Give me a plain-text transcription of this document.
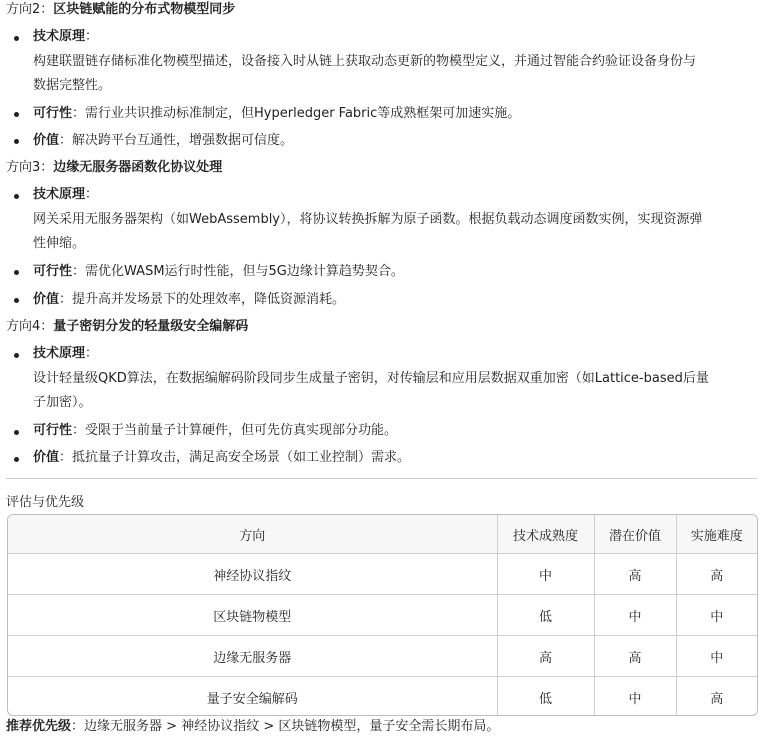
方向2：区块链赋能的分布式物模型同步
技术原理：
构建联盟链存储标准化物模型描述，设备接入时从链上获取动态更新的物模型定义，并通过智能合约验证设备身份与
数据完整性。
可行性：需行业共识推动标准制定，但Hyperledger Fabric等成熟框架可加速实施。
价值：解决跨平台互通性，增强数据可信度。
方向3：边缘无服务器函数化协议处理
技术原理：
网关采用无服务器架构（如WebAssembly），将协议转换拆解为原子函数。根据负载动态调度函数实例，实现资源弹
性伸缩。
可行性：需优化WASM运行时性能，但与5G边缘计算趋势契合。
价值：提升高并发场景下的处理效率，降低资源消耗。
方向4：量子密钥分发的轻量级安全编解码
技术原理：
设计轻量级QKD算法，在数据编解码阶段同步生成量子密钥，对传输层和应用层数据双重加密（如Lattice-based后量
子加密）。
可行性：受限于当前量子计算硬件，但可先仿真实现部分功能。
价值：抵抗量子计算攻击，满足高安全场景（如工业控制）需求。
评估与优先级
方向	技术成熟度	潜在价值	实施难度
神经协议指纹	中	高	高
区块链物模型	低	中	中
边缘无服务器	高	高	中
量子安全编解码	低	中	高
推荐优先级：边缘无服务器 > 神经协议指纹 > 区块链物模型，量子安全需长期布局。
